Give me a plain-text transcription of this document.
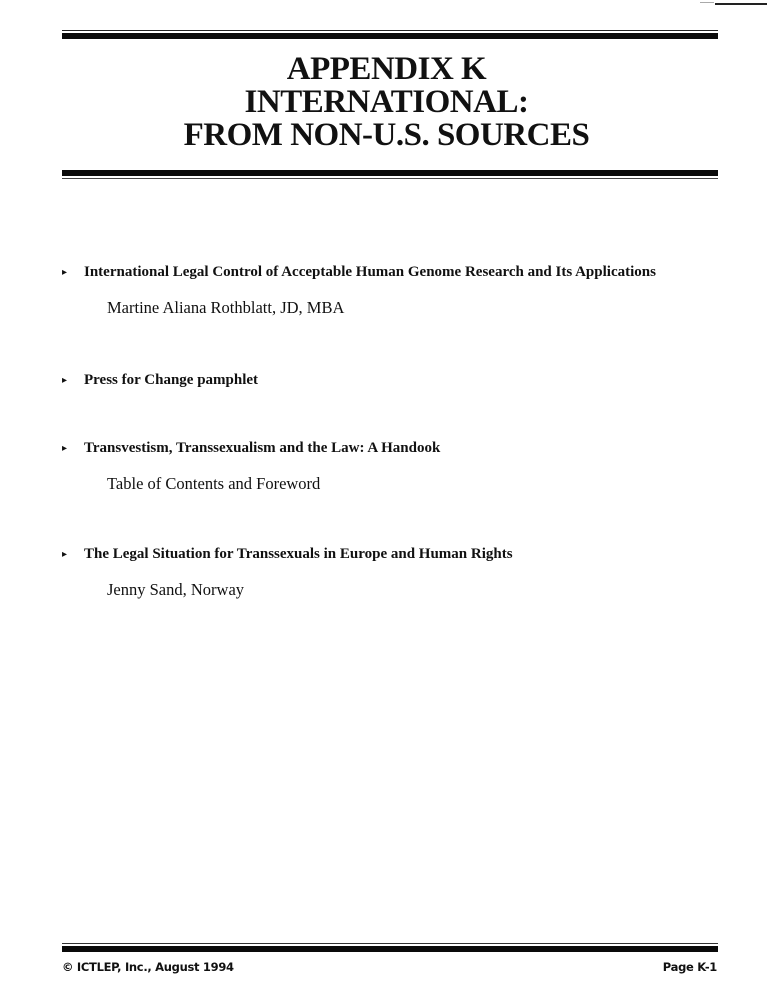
APPENDIX K
INTERNATIONAL:
FROM NON-U.S. SOURCES
▸ International Legal Control of Acceptable Human Genome Research and Its Applications
Martine Aliana Rothblatt, JD, MBA
▸ Press for Change pamphlet
▸ Transvestism, Transsexualism and the Law: A Handook
Table of Contents and Foreword
▸ The Legal Situation for Transsexuals in Europe and Human Rights
Jenny Sand, Norway
© ICTLEP, Inc., August 1994	Page K-1
